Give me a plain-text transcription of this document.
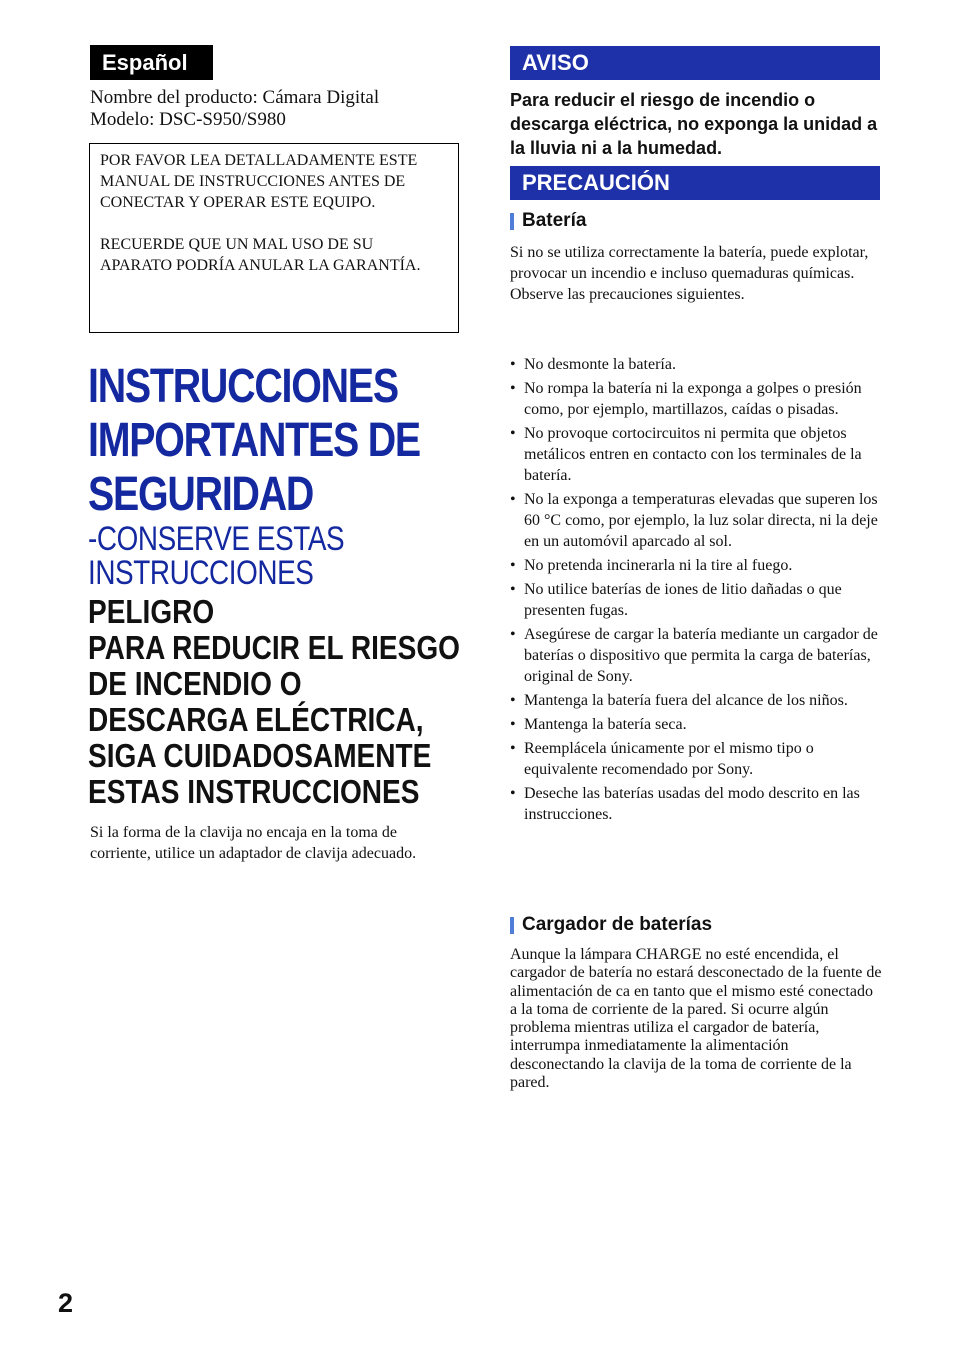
Español
Nombre del producto: Cámara Digital
Modelo: DSC-S950/S980

POR FAVOR LEA DETALLADAMENTE ESTE MANUAL DE INSTRUCCIONES ANTES DE CONECTAR Y OPERAR ESTE EQUIPO.

RECUERDE QUE UN MAL USO DE SU APARATO PODRÍA ANULAR LA GARANTÍA.

INSTRUCCIONES IMPORTANTES DE SEGURIDAD
-CONSERVE ESTAS INSTRUCCIONES
PELIGRO
PARA REDUCIR EL RIESGO DE INCENDIO O DESCARGA ELÉCTRICA, SIGA CUIDADOSAMENTE ESTAS INSTRUCCIONES
Si la forma de la clavija no encaja en la toma de corriente, utilice un adaptador de clavija adecuado.
AVISO
Para reducir el riesgo de incendio o descarga eléctrica, no exponga la unidad a la lluvia ni a la humedad.
PRECAUCIÓN
Batería
Si no se utiliza correctamente la batería, puede explotar, provocar un incendio e incluso quemaduras químicas. Observe las precauciones siguientes.
• No desmonte la batería.
• No rompa la batería ni la exponga a golpes o presión como, por ejemplo, martillazos, caídas o pisadas.
• No provoque cortocircuitos ni permita que objetos metálicos entren en contacto con los terminales de la batería.
• No la exponga a temperaturas elevadas que superen los 60 °C como, por ejemplo, la luz solar directa, ni la deje en un automóvil aparcado al sol.
• No pretenda incinerarla ni la tire al fuego.
• No utilice baterías de iones de litio dañadas o que presenten fugas.
• Asegúrese de cargar la batería mediante un cargador de baterías o dispositivo que permita la carga de baterías, original de Sony.
• Mantenga la batería fuera del alcance de los niños.
• Mantenga la batería seca.
• Reemplácela únicamente por el mismo tipo o equivalente recomendado por Sony.
• Deseche las baterías usadas del modo descrito en las instrucciones.
Cargador de baterías
Aunque la lámpara CHARGE no esté encendida, el cargador de batería no estará desconectado de la fuente de alimentación de ca en tanto que el mismo esté conectado a la toma de corriente de la pared. Si ocurre algún problema mientras utiliza el cargador de batería, interrumpa inmediatamente la alimentación desconectando la clavija de la toma de corriente de la pared.
2
